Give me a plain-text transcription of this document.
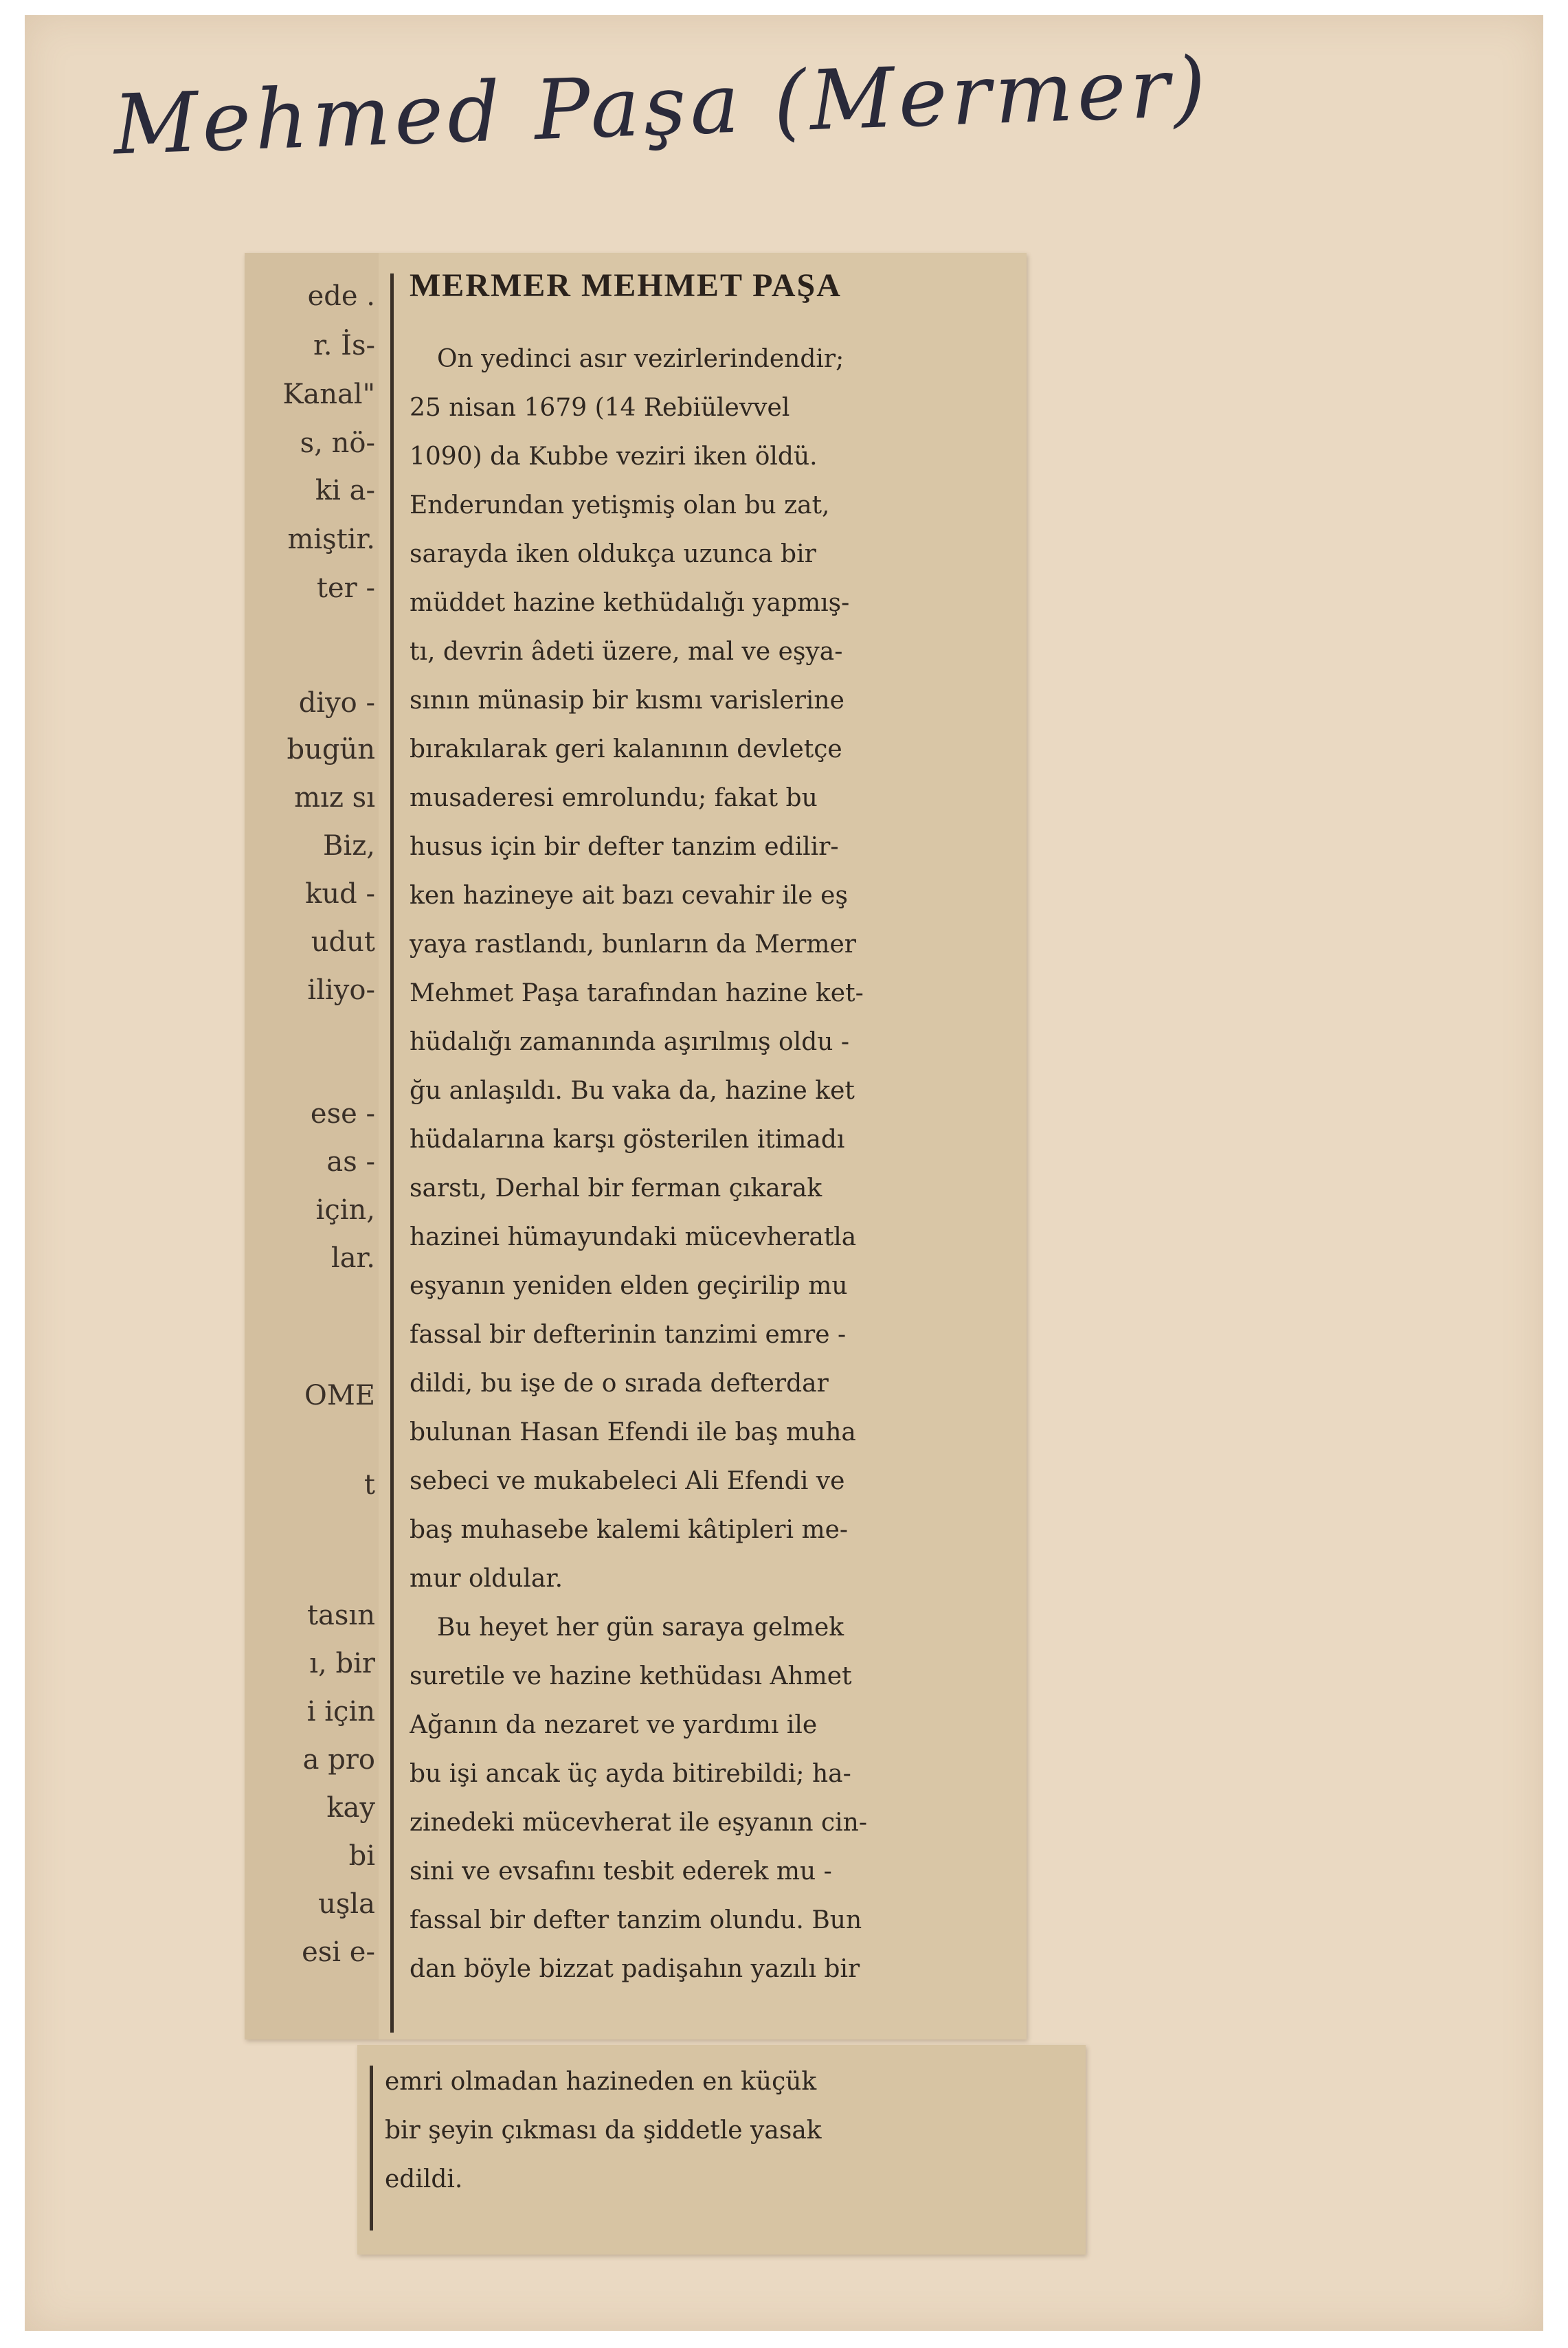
Mehmed Paşa (Mermer)
ede .
r. İs-
Kanal"
s, nö-
ki a-
miştir.
ter -
diyo -
bugün
mız sı
Biz,
kud -
udut
iliyo-
ese -
as -
için,
lar.
OME
t
tasın
ı, bir
i için
a pro
kay
bi
uşla
esi e-
MERMER MEHMET PAŞA
On yedinci asır vezirlerindendir;
25 nisan 1679 (14 Rebiülevvel
1090) da Kubbe veziri iken öldü.
Enderundan yetişmiş olan bu zat,
sarayda iken oldukça uzunca bir
müddet hazine kethüdalığı yapmış-
tı, devrin âdeti üzere, mal ve eşya-
sının münasip bir kısmı varislerine
bırakılarak geri kalanının devletçe
musaderesi emrolundu; fakat bu
husus için bir defter tanzim edilir-
ken hazineye ait bazı cevahir ile eş
yaya rastlandı, bunların da Mermer
Mehmet Paşa tarafından hazine ket-
hüdalığı zamanında aşırılmış oldu -
ğu anlaşıldı. Bu vaka da, hazine ket
hüdalarına karşı gösterilen itimadı
sarstı, Derhal bir ferman çıkarak
hazinei hümayundaki mücevheratla
eşyanın yeniden elden geçirilip mu
fassal bir defterinin tanzimi emre -
dildi, bu işe de o sırada defterdar
bulunan Hasan Efendi ile baş muha
sebeci ve mukabeleci Ali Efendi ve
baş muhasebe kalemi kâtipleri me-
mur oldular.
Bu heyet her gün saraya gelmek
suretile ve hazine kethüdası Ahmet
Ağanın da nezaret ve yardımı ile
bu işi ancak üç ayda bitirebildi; ha-
zinedeki mücevherat ile eşyanın cin-
sini ve evsafını tesbit ederek mu -
fassal bir defter tanzim olundu. Bun
dan böyle bizzat padişahın yazılı bir
emri olmadan hazineden en küçük
bir şeyin çıkması da şiddetle yasak
edildi.
